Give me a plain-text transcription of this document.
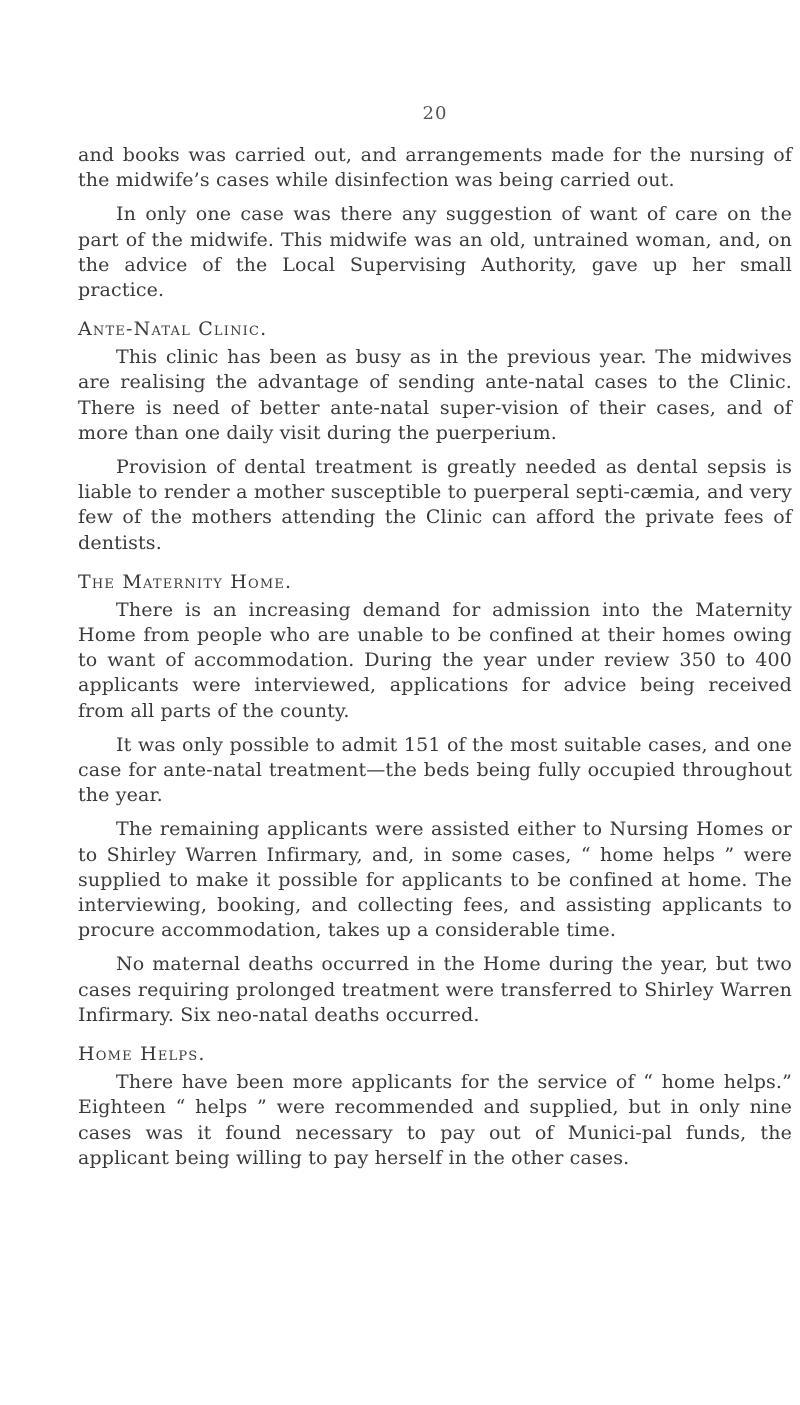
20

and books was carried out, and arrangements made for the nursing of the midwife’s cases while disinfection was being carried out.

In only one case was there any suggestion of want of care on the part of the midwife. This midwife was an old, untrained woman, and, on the advice of the Local Supervising Authority, gave up her small practice.

Ante-Natal Clinic.

This clinic has been as busy as in the previous year. The midwives are realising the advantage of sending ante-natal cases to the Clinic. There is need of better ante-natal super-vision of their cases, and of more than one daily visit during the puerperium.

Provision of dental treatment is greatly needed as dental sepsis is liable to render a mother susceptible to puerperal septi-cæmia, and very few of the mothers attending the Clinic can afford the private fees of dentists.

The Maternity Home.

There is an increasing demand for admission into the Maternity Home from people who are unable to be confined at their homes owing to want of accommodation. During the year under review 350 to 400 applicants were interviewed, applications for advice being received from all parts of the county.

It was only possible to admit 151 of the most suitable cases, and one case for ante-natal treatment—the beds being fully occupied throughout the year.

The remaining applicants were assisted either to Nursing Homes or to Shirley Warren Infirmary, and, in some cases, “ home helps ” were supplied to make it possible for applicants to be confined at home. The interviewing, booking, and collecting fees, and assisting applicants to procure accommodation, takes up a considerable time.

No maternal deaths occurred in the Home during the year, but two cases requiring prolonged treatment were transferred to Shirley Warren Infirmary. Six neo-natal deaths occurred.

Home Helps.

There have been more applicants for the service of “ home helps.” Eighteen “ helps ” were recommended and supplied, but in only nine cases was it found necessary to pay out of Munici-pal funds, the applicant being willing to pay herself in the other cases.
